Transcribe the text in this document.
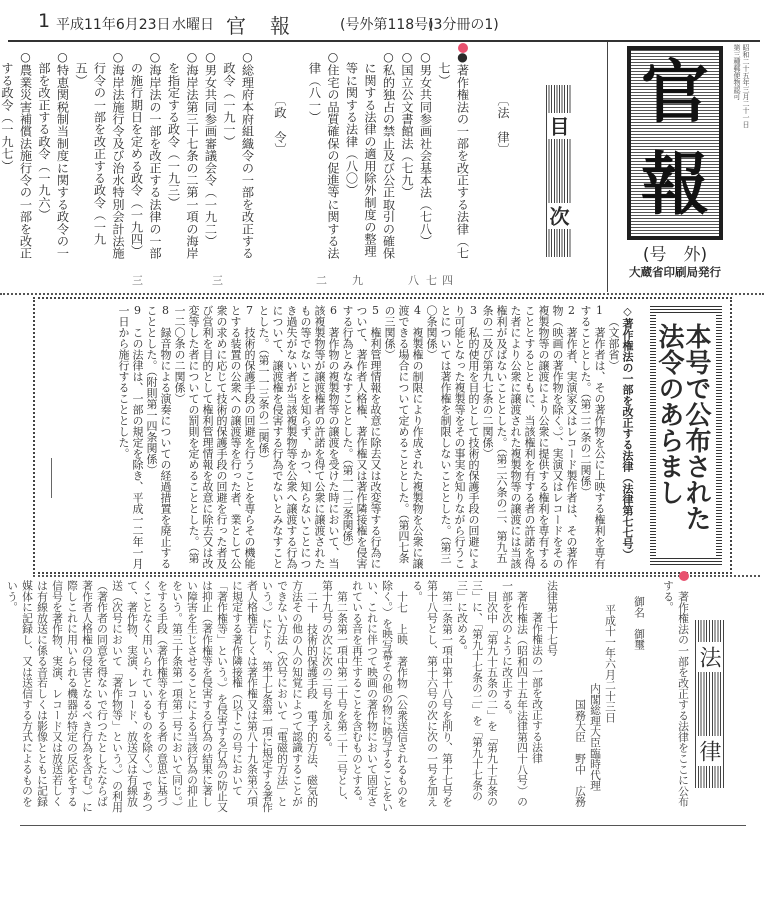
1 平成11年6月23日 水曜日 官 報	(号外第118号)
(3分冊の1)
官
報
(号　外)
大蔵省印刷局発行
昭和二十五年三月二十一日
第三種郵便物認可
目
次
〔法　律〕
●著作権法の一部を改正する法律（七七）
○男女共同参画社会基本法（七八）
○国立公文書館法（七九）
○私的独占の禁止及び公正取引の確保に関する法律の適用除外制度の整理等に関する法律（八〇）
○住宅の品質確保の促進等に関する法律（八一）
〔政　令〕
○総理府本府組織令の一部を改正する政令（一九一）
○男女共同参画審議会令（一九二）
○海岸法第三十七条の二第一項の海岸を指定する政令（一九三）
○海岸法の一部を改正する法律の一部の施行期日を定める政令（一九四）
○海岸法施行令及び治水特別会計法施行令の一部を改正する政令（一九五）
○特恵関税制当制度に関する政令の一部を改正する政令（一九六）
○農業災害補償法施行令の一部を改正する政令（一九七）
四
七
八
九
二
三
三
本号で公布された
法令のあらまし
◇著作権法の一部を改正する法律（法律第七七号）
（文部省）
1　著作者は、その著作物を公に上映する権利を専有することとした。（第二二条の二関係）
2　著作者、実演家又はレコード製作者は、その著作物（映画の著作物を除く。）、実演又はレコードをその複製物等の譲渡により公衆に提供する権利を専有することとするとともに、当該権利を有する者の許諾を得た者により公衆に譲渡された複製物等の譲渡には当該権利が及ばないこととした。（第二六条の二、第九五条の二及び第九七条の二関係）
3　私的使用を目的として技術的保護手段の回避により可能となった複製等をその事実を知りながら行うことについては著作権を制限しないこととした。（第三〇条関係）
4　複製権の制限により作成された複製物を公衆に譲渡できる場合について定めることとした。（第四七条の三関係）
5　権利管理情報を故意に除去又は改変等する行為について、著作者人格権、著作権又は著作隣接権を侵害する行為とみなすこととした。（第一一三条関係）
6　著作物の複製物等の譲渡を受けた時において、当該複製物等が譲渡権者の許諾を得て公衆に譲渡されたもの等でないことを知らず、かつ、知らないことにつき過失がない者が当該複製物等を公衆へ譲渡する行為について、譲渡権を侵害する行為でないとみなすこととした。（第一一三条の二関係）
7　技術的保護手段の回避を行うことを専らその機能とする装置の公衆への譲渡等を行った者、業として公衆の求めに応じて技術的保護手段の回避を行った者及び営利を目的として権利管理情報を故意に除去又は改変等した者についての罰則を定めることとした。（第一二〇条の二関係）
8　録音物による演奏についての経過措置を廃止することとした。（附則第一四条関係）
9　この法律は、一部の規定を除き、平成一二年一月一日から施行することとした。
法
律
著作権法の一部を改正する法律をここに公布する。
御名　御璽
平成十一年六月二十三日
内閣総理大臣臨時代理
国務大臣　野中　広務
法律第七十七号
著作権法の一部を改正する法律
著作権法（昭和四十五年法律第四十八号）の一部を次のように改正する。
目次中「第九十五条の二」を「第九十五条の三」に、「第九十七条の二」を「第九十七条の三」に改める。
第二条第一項中第十八号を削り、第十七号を第十八号とし、第十六号の次に次の一号を加える。
十七　上映　著作物（公衆送信されるものを除く。）を映写幕その他の物に映写することをいい、これに伴つて映画の著作物において固定されている音を再生することを含むものとする。
第二条第一項中第二十号を第二十二号とし、第十九号の次に次の二号を加える。
二十　技術的保護手段　電子的方法、磁気的方法その他の人の知覚によつて認識することができない方法（次号において「電磁的方法」という。）により、第十七条第一項に規定する著作者人格権若しくは著作権又は第八十九条第六項に規定する著作隣接権（以下この号において「著作権等」という。）を侵害する行為の防止又は抑止（著作権等を侵害する行為の結果に著しい障害を生じさせることによる当該行為の抑止をいう。第三十条第一項第二号において同じ。）をする手段（著作権等を有する者の意思に基づくことなく用いられているものを除く。）であつて、著作物、実演、レコード、放送又は有線放送（次号において「著作物等」という。）の利用（著作者の同意を得ないで行つたとしたならば著作者人格権の侵害となるべき行為を含む。）に際しこれに用いられる機器が特定の反応をする信号を著作物、実演、レコード又は放送若しくは有線放送に係る音若しくは影像とともに記録媒体に記録し、又は送信する方式によるものをいう。
